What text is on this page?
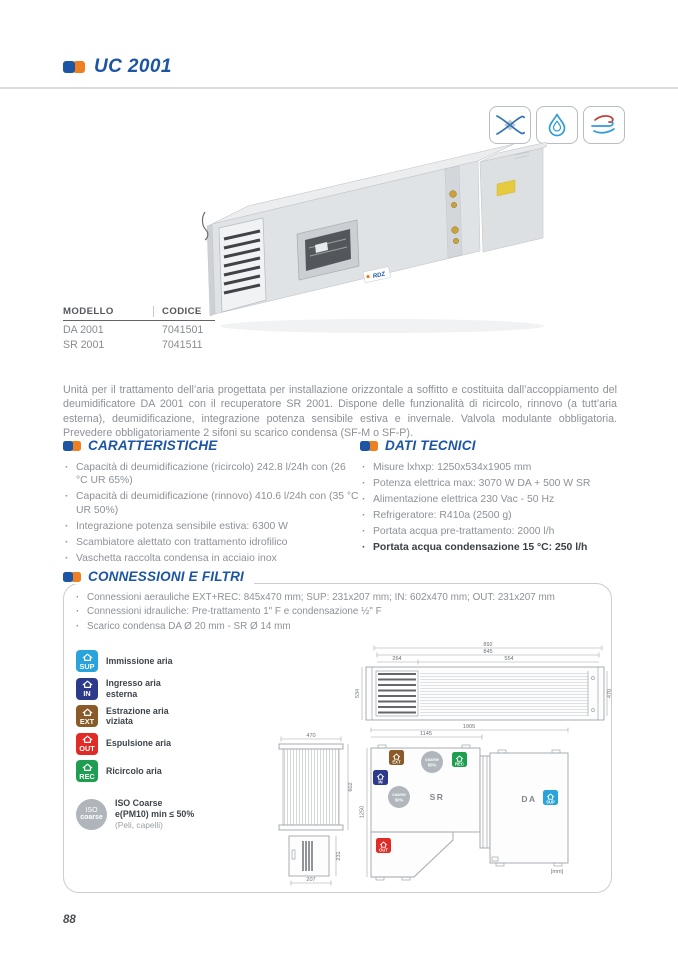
UC 2001
RDZ
MODELLO	CODICE
DA 2001	7041501
SR 2001	7041511

Unità per il trattamento dell’aria progettata per installazione orizzontale a soffitto e costituita dall’accoppiamento del deumidificatore DA 2001 con il recuperatore SR 2001. Dispone delle funzionalità di ricircolo, rinnovo (a tutt’aria esterna), deumidificazione, integrazione potenza sensibile estiva e invernale. Valvola modulante obbligatoria. Prevedere obbligatoriamente 2 sifoni su scarico condensa (SF-M o SF-P).

CARATTERISTICHE
· Capacità di deumidificazione (ricircolo) 242.8 l/24h con (26 °C UR 65%)
· Capacità di deumidificazione (rinnovo) 410.6 l/24h con (35 °C UR 50%)
· Integrazione potenza sensibile estiva: 6300 W
· Scambiatore alettato con trattamento idrofilico
· Vaschetta raccolta condensa in acciaio inox
DATI TECNICI
· Misure lxhxp: 1250x534x1905 mm
· Potenza elettrica max: 3070 W DA + 500 W SR
· Alimentazione elettrica 230 Vac - 50 Hz
· Refrigeratore: R410a (2500 g)
· Portata acqua pre-trattamento: 2000 l/h
· Portata acqua condensazione 15 °C: 250 l/h
CONNESSIONI E FILTRI
· Connessioni aerauliche EXT+REC: 845x470 mm; SUP: 231x207 mm; IN: 602x470 mm; OUT: 231x207 mm
· Connessioni idrauliche: Pre-trattamento 1" F e condensazione ½" F
· Scarico condensa DA Ø 20 mm - SR Ø 14 mm
SUP
Immissione aria
IN
Ingresso aria esterna
EXT
Estrazione aria viziata
OUT
Espulsione aria
REC
Ricircolo aria
ISO
coarse
ISO Coarse
e(PM10) min ≤ 50%
(Peli, capelli)
892
845
264	554
534	470
470
602
231
207
1905
1145
1250
SR	DA
[mm]
EXT	coarse
50%	REC
IN
coarse
50%
OUT
SUP
88
